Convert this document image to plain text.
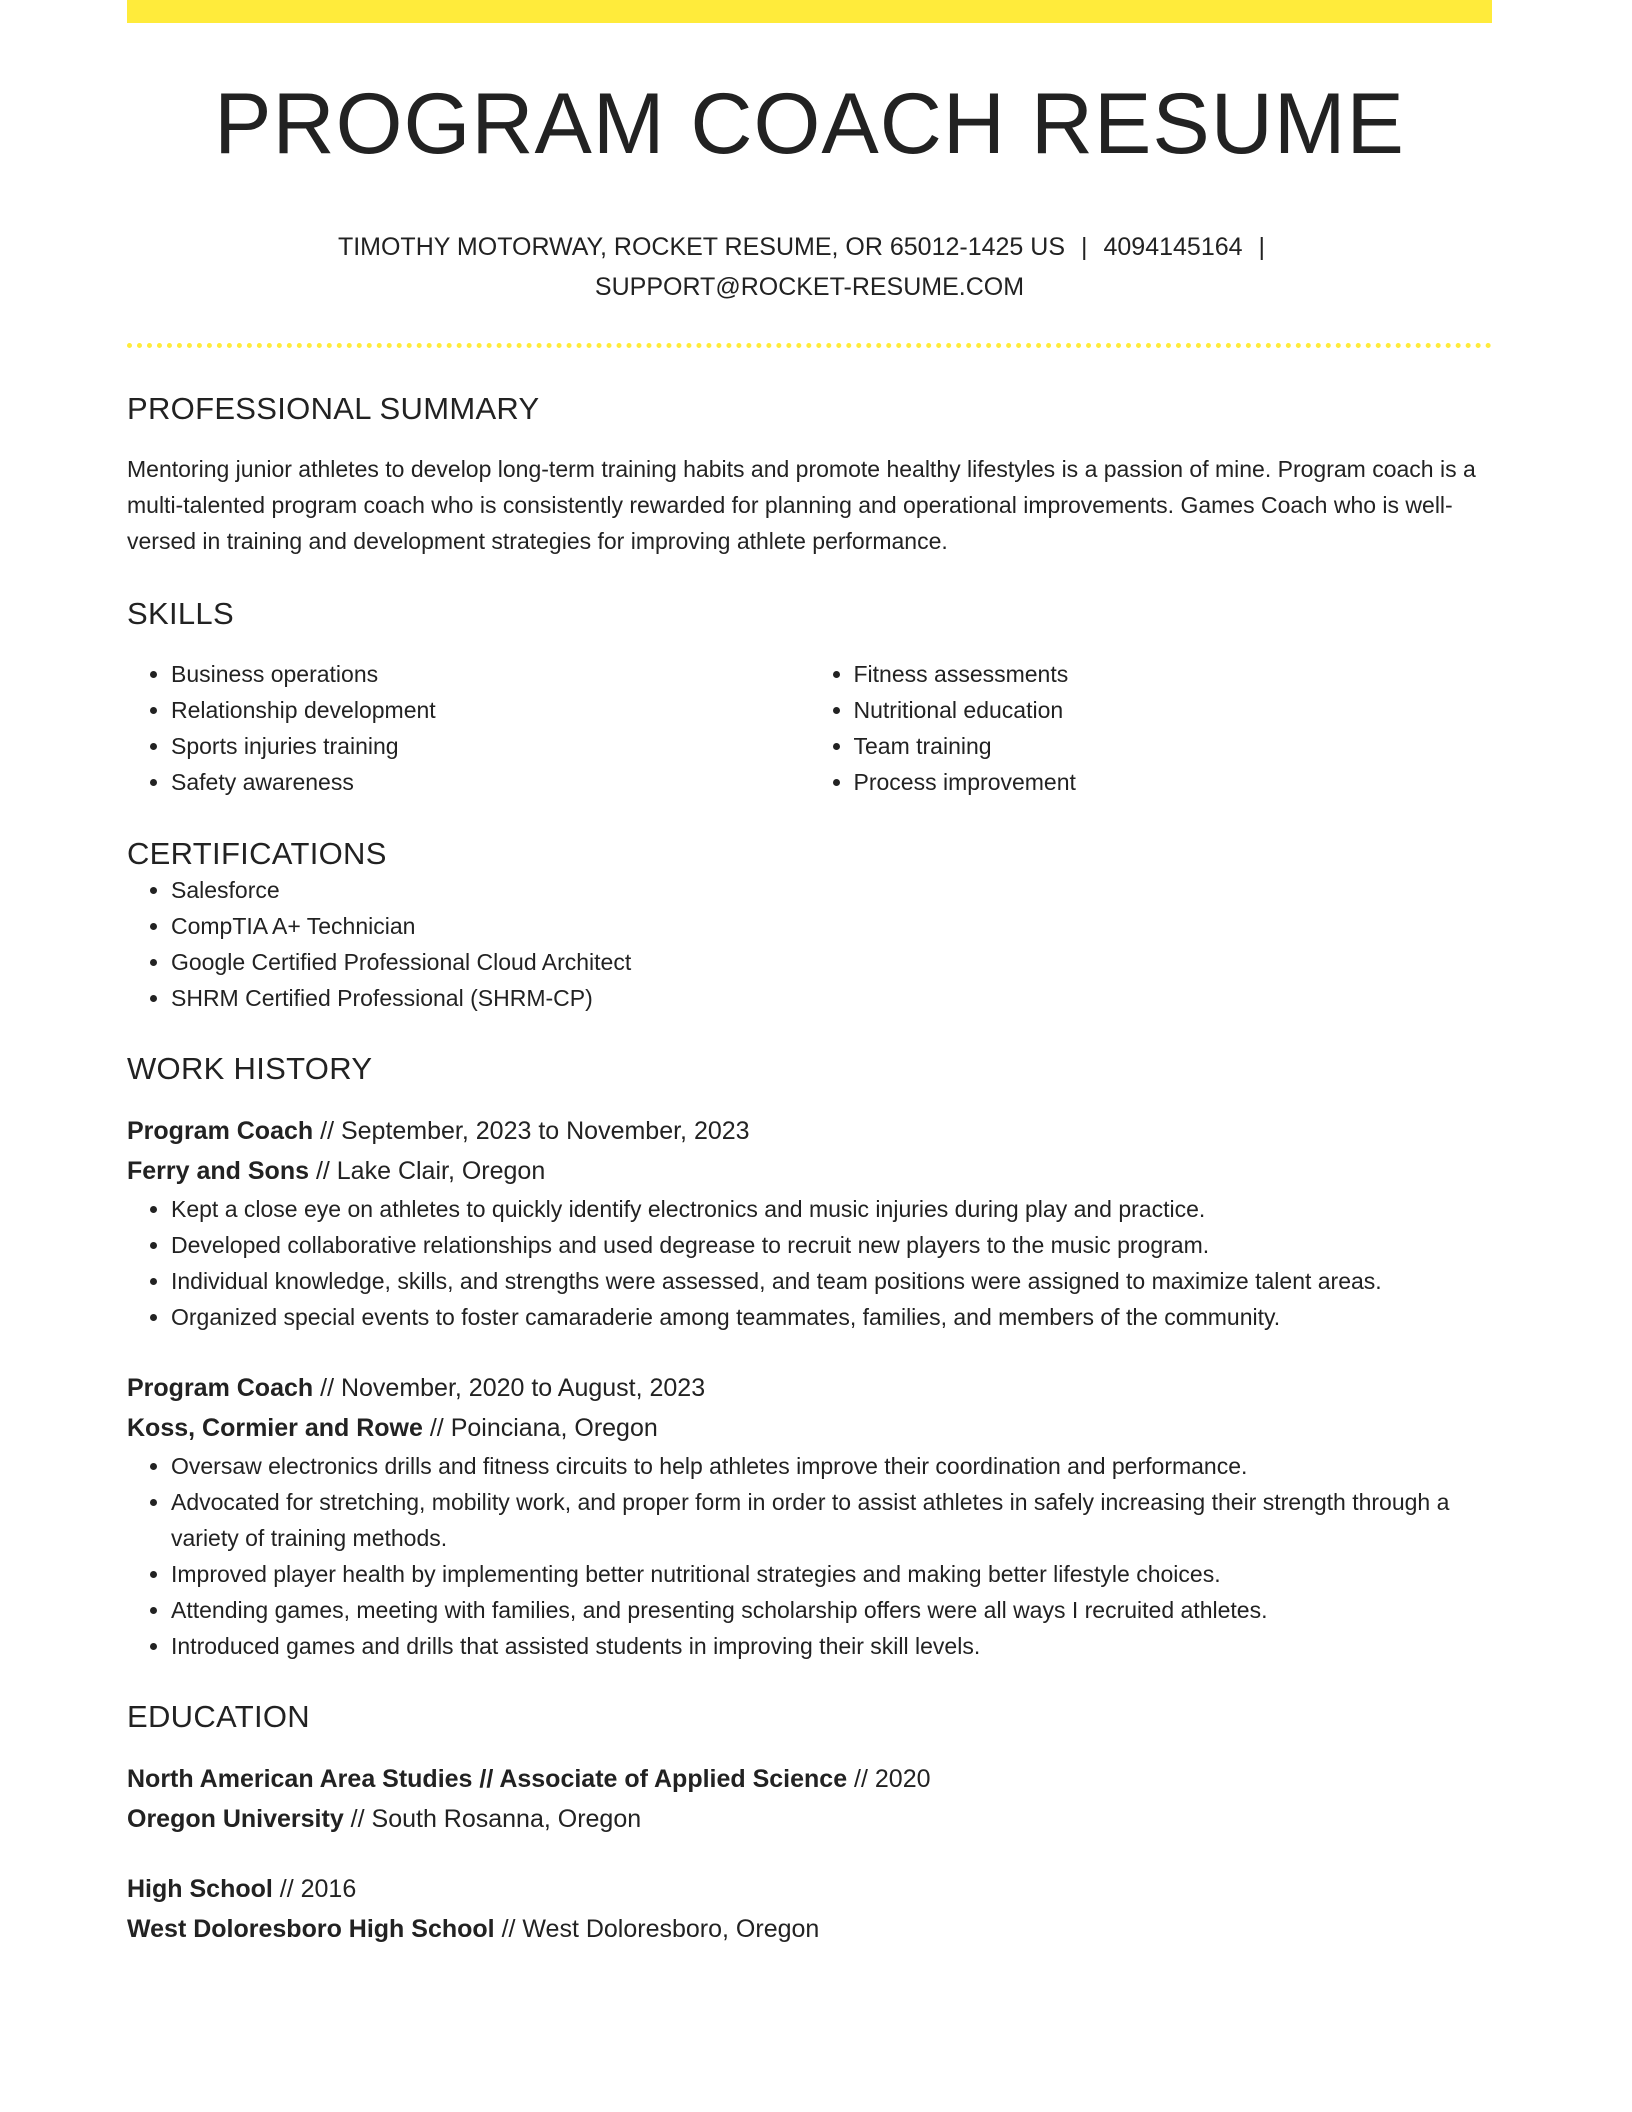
PROGRAM COACH RESUME
TIMOTHY MOTORWAY, ROCKET RESUME, OR 65012-1425 US | 4094145164 |
SUPPORT@ROCKET-RESUME.COM
PROFESSIONAL SUMMARY

Mentoring junior athletes to develop long-term training habits and promote healthy lifestyles is a passion of mine. Program coach is a multi-talented program coach who is consistently rewarded for planning and operational improvements. Games Coach who is well-versed in training and development strategies for improving athlete performance.

SKILLS
• Business operations
• Relationship development
• Sports injuries training
• Safety awareness
• Fitness assessments
• Nutritional education
• Team training
• Process improvement
CERTIFICATIONS
• Salesforce
• CompTIA A+ Technician
• Google Certified Professional Cloud Architect
• SHRM Certified Professional (SHRM-CP)
WORK HISTORY
Program Coach // September, 2023 to November, 2023
Ferry and Sons // Lake Clair, Oregon
• Kept a close eye on athletes to quickly identify electronics and music injuries during play and practice.
• Developed collaborative relationships and used degrease to recruit new players to the music program.
• Individual knowledge, skills, and strengths were assessed, and team positions were assigned to maximize talent areas.
• Organized special events to foster camaraderie among teammates, families, and members of the community.
Program Coach // November, 2020 to August, 2023
Koss, Cormier and Rowe // Poinciana, Oregon
• Oversaw electronics drills and fitness circuits to help athletes improve their coordination and performance.
• Advocated for stretching, mobility work, and proper form in order to assist athletes in safely increasing their strength through a variety of training methods.
• Improved player health by implementing better nutritional strategies and making better lifestyle choices.
• Attending games, meeting with families, and presenting scholarship offers were all ways I recruited athletes.
• Introduced games and drills that assisted students in improving their skill levels.
EDUCATION
North American Area Studies // Associate of Applied Science // 2020
Oregon University // South Rosanna, Oregon
High School // 2016
West Doloresboro High School // West Doloresboro, Oregon
